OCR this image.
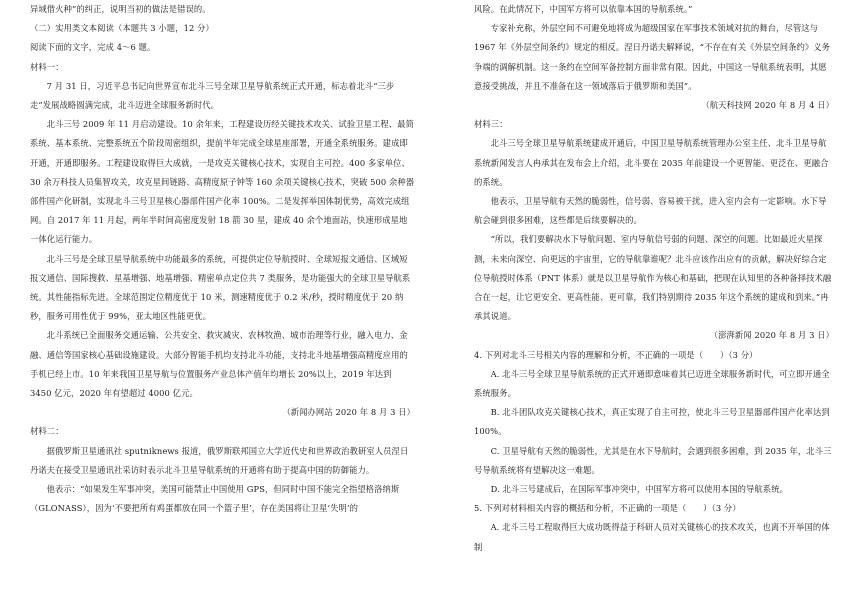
异域借火种”的纠正，说明当初的做法是错误的。

（二）实用类文本阅读（本题共 3 小题，12 分）

阅读下面的文字，完成 4～6 题。

材料一：

7 月 31 日，习近平总书记向世界宣布北斗三号全球卫星导航系统正式开通，标志着北斗“三步走”发展战略圆满完成，北斗迈进全球服务新时代。

北斗三号 2009 年 11 月启动建设。10 余年来，工程建设历经关键技术攻关、试验卫星工程、最简系统、基本系统、完整系统五个阶段周密组织，提前半年完成全球星座部署，开通全系统服务。建成即开通，开通即服务。工程建设取得巨大成就，一是攻克关键核心技术，实现自主可控。400 多家单位、30 余万科技人员集智攻关，攻克星间链路、高精度原子钟等 160 余项关键核心技术，突破 500 余种器部件国产化研制，实现北斗三号卫星核心器部件国产化率 100%。二是发挥举国体制优势，高效完成组网。自 2017 年 11 月起，两年半时间高密度发射 18 箭 30 星，建成 40 余个地面站，快速形成星地一体化运行能力。

北斗三号是全球卫星导航系统中功能最多的系统，可提供定位导航授时、全球短报文通信、区域短报文通信、国际搜救、星基增强、地基增强、精密单点定位共 7 类服务，是功能强大的全球卫星导航系统。其性能指标先进。全球范围定位精度优于 10 米，测速精度优于 0.2 米/秒，授时精度优于 20 纳秒，服务可用性优于 99%，亚太地区性能更优。

北斗系统已全面服务交通运输、公共安全、救灾减灾、农林牧渔、城市治理等行业，融入电力、金融、通信等国家核心基础设施建设。大部分智能手机均支持北斗功能，支持北斗地基增强高精度应用的手机已经上市。10 年来我国卫星导航与位置服务产业总体产值年均增长 20%以上，2019 年达到 3450 亿元，2020 年有望超过 4000 亿元。

（新闻办网站 2020 年 8 月 3 日）

材料二：

据俄罗斯卫星通讯社 sputniknews 报道，俄罗斯联邦国立大学近代史和世界政治教研室人员涅日丹诺夫在接受卫星通讯社采访时表示北斗卫星导航系统的开通将有助于提高中国的防御能力。

他表示：“如果发生军事冲突，美国可能禁止中国使用 GPS，但同时中国不能完全指望格洛纳斯（GLONASS），因为‘不要把所有鸡蛋都放在同一个篮子里’，存在美国将让卫星‘失明’的

风险。在此情况下，中国军方将可以依靠本国的导航系统。”

专家补充称，外层空间不可避免地将成为超级国家在军事技术领域对抗的舞台，尽管这与 1967 年《外层空间条约》规定的相反。涅日丹诺夫解释说，“不存在有关《外层空间条约》义务争端的调解机制。这一条约在空间军备控制方面非常有限。因此，中国这一导航系统表明，其愿意接受挑战，并且不准备在这一领域落后于俄罗斯和美国”。

（航天科技网 2020 年 8 月 4 日）

材料三：

北斗三号全球卫星导航系统建成开通后，中国卫星导航系统管理办公室主任、北斗卫星导航系统新闻发言人冉承其在发布会上介绍，北斗要在 2035 年前建设一个更智能、更泛在、更融合的系统。

他表示，卫星导航有天然的脆弱性，信号弱、容易被干扰，进入室内会有一定影响。水下导航会碰到很多困难，这些都是后续要解决的。

“所以，我们要解决水下导航问题、室内导航信号弱的问题、深空的问题。比如最近火星探测，未来向深空、向更远的宇宙里，它的导航靠谁呢？北斗应该作出应有的贡献，解决好综合定位导航授时体系（PNT 体系）就是以卫星导航作为核心和基础，把现在认知里的各种备择技术融合在一起，让它更安全、更高性能、更可靠，我们特别期待 2035 年这个系统的建成和到来。”冉承其说道。

（澎湃新闻 2020 年 8 月 3 日）

4. 下列对北斗三号相关内容的理解和分析，不正确的一项是（　　）（3 分）

A. 北斗三号全球卫星导航系统的正式开通即意味着其已迈进全球服务新时代，可立即开通全系统服务。

B. 北斗团队攻克关键核心技术，真正实现了自主可控，使北斗三号卫星器部件国产化率达到 100%。

C. 卫星导航有天然的脆弱性，尤其是在水下导航时，会遇到很多困难，到 2035 年，北斗三号导航系统将有望解决这一难题。

D. 北斗三号建成后，在国际军事冲突中，中国军方将可以使用本国的导航系统。

5. 下列对材料相关内容的概括和分析，不正确的一项是（　　）（3 分）

A. 北斗三号工程取得巨大成功既得益于科研人员对关键核心的技术攻关，也离不开举国的体制
